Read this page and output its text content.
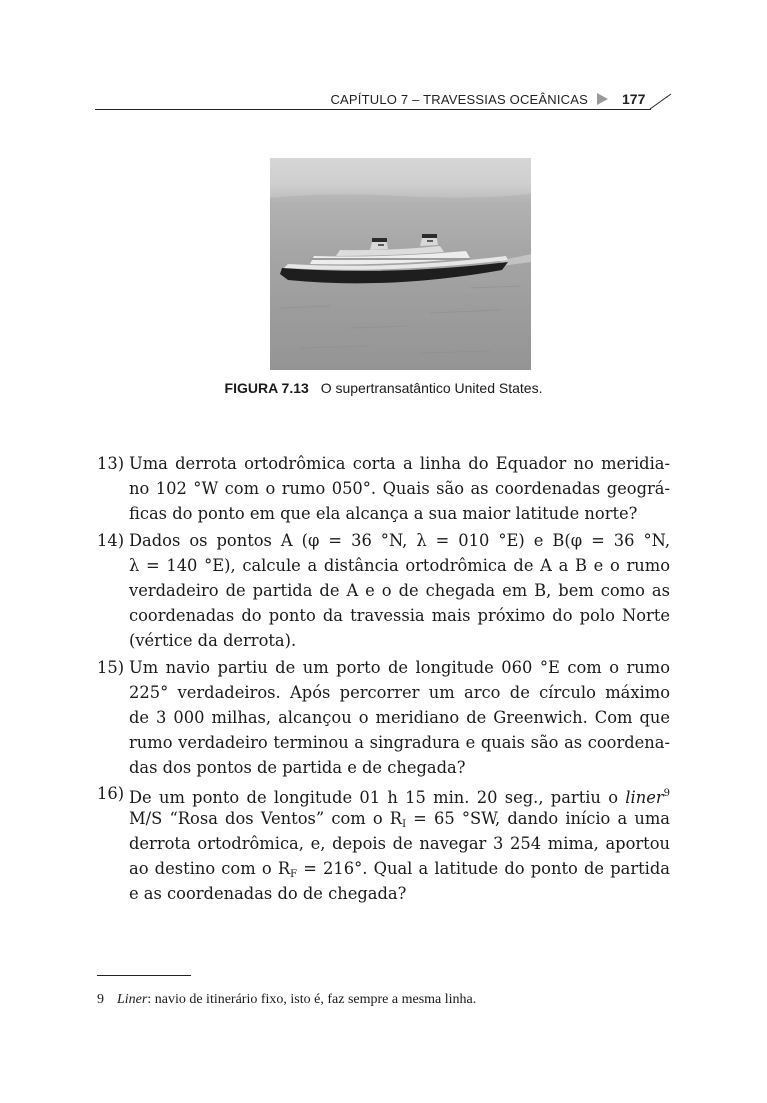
CAPÍTULO 7 – TRAVESSIAS OCEÂNICAS 177
FIGURA 7.13 O supertransatântico United States.
13) Uma derrota ortodrômica corta a linha do Equador no meridia-
no 102 °W com o rumo 050°. Quais são as coordenadas geográ-
ficas do ponto em que ela alcança a sua maior latitude norte?
14) Dados os pontos A (φ = 36 °N, λ = 010 °E) e B(φ = 36 °N,
λ = 140 °E), calcule a distância ortodrômica de A a B e o rumo
verdadeiro de partida de A e o de chegada em B, bem como as
coordenadas do ponto da travessia mais próximo do polo Norte
(vértice da derrota).
15) Um navio partiu de um porto de longitude 060 °E com o rumo
225° verdadeiros. Após percorrer um arco de círculo máximo
de 3 000 milhas, alcançou o meridiano de Greenwich. Com que
rumo verdadeiro terminou a singradura e quais são as coordena-
das dos pontos de partida e de chegada?
16) De um ponto de longitude 01 h 15 min. 20 seg., partiu o liner$^9$
M/S “Rosa dos Ventos” com o $R_I = 65$ °SW, dando início a uma
derrota ortodrômica, e, depois de navegar 3 254 mima, aportou
ao destino com o $R_F = 216^\circ$. Qual a latitude do ponto de partida
e as coordenadas do de chegada?
9 Liner: navio de itinerário fixo, isto é, faz sempre a mesma linha.
